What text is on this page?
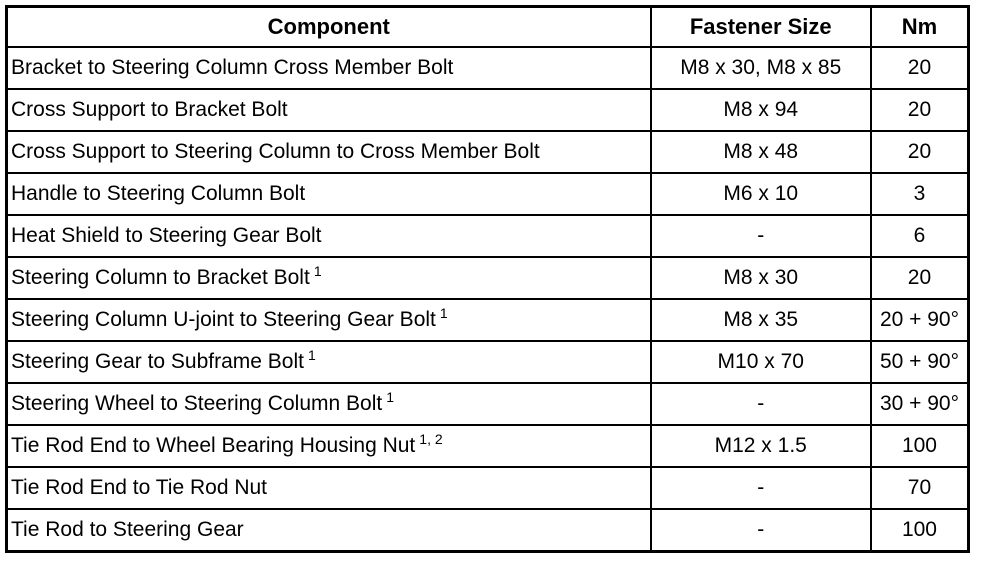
Component	Fastener Size	Nm
Bracket to Steering Column Cross Member Bolt	M8 x 30, M8 x 85	20
Cross Support to Bracket Bolt	M8 x 94	20
Cross Support to Steering Column to Cross Member Bolt	M8 x 48	20
Handle to Steering Column Bolt	M6 x 10	3
Heat Shield to Steering Gear Bolt	-	6
Steering Column to Bracket Bolt $^1$	M8 x 30	20
Steering Column U-joint to Steering Gear Bolt $^1$	M8 x 35	20 + 90°
Steering Gear to Subframe Bolt $^1$	M10 x 70	50 + 90°
Steering Wheel to Steering Column Bolt $^1$	-	30 + 90°
Tie Rod End to Wheel Bearing Housing Nut $^{1, 2}$	M12 x 1.5	100
Tie Rod End to Tie Rod Nut	-	70
Tie Rod to Steering Gear	-	100
